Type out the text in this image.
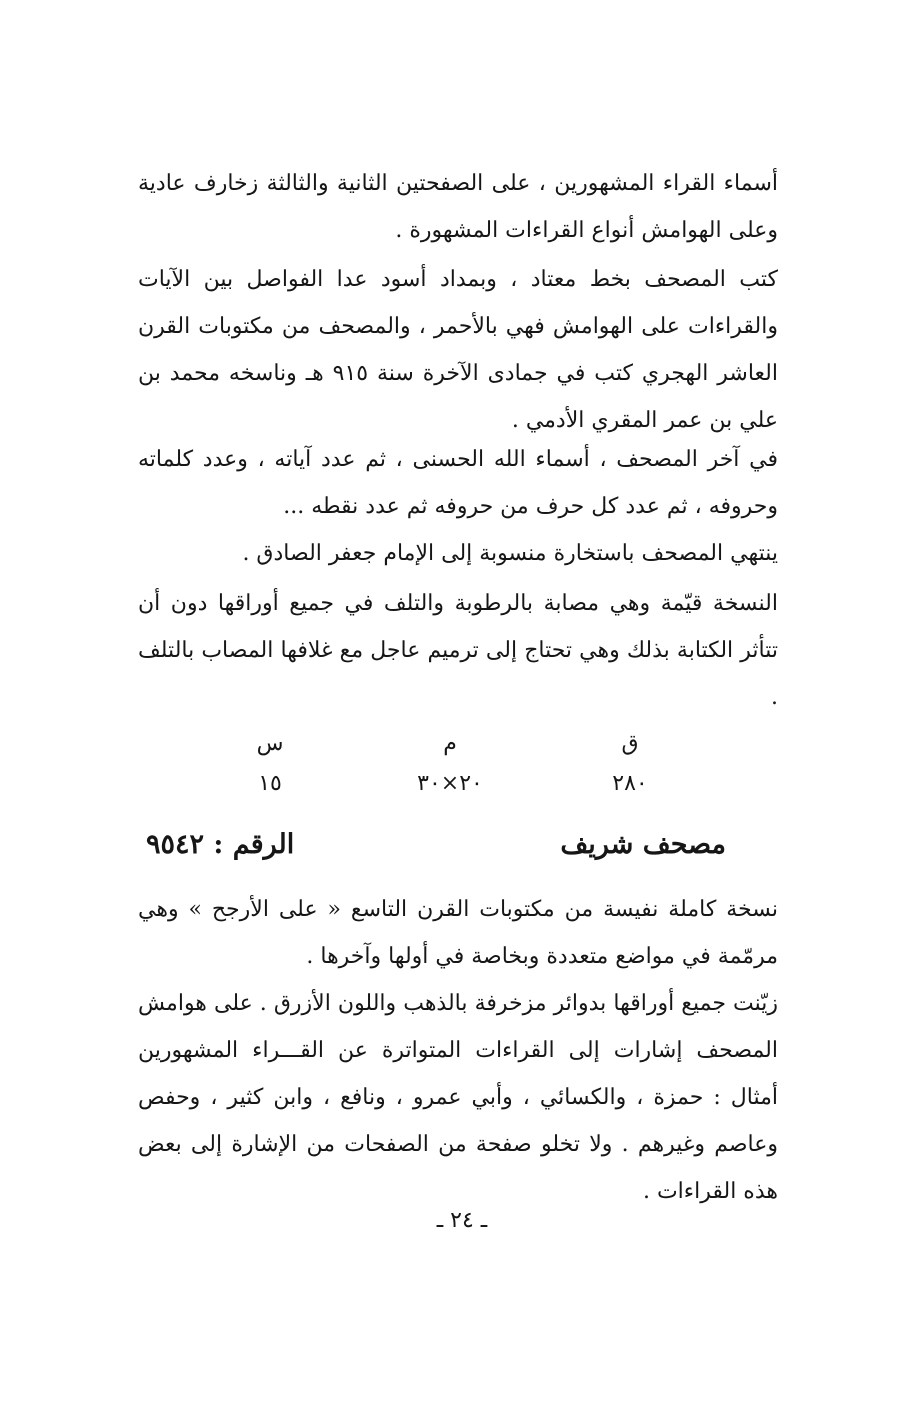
أسماء القراء المشهورين ، على الصفحتين الثانية والثالثة زخارف عادية وعلى الهوامش أنواع القراءات المشهورة .

كتب المصحف بخط معتاد ، وبمداد أسود عدا الفواصل بين الآيات والقراءات على الهوامش فهي بالأحمر ، والمصحف من مكتوبات القرن العاشر الهجري كتب في جمادى الآخرة سنة ٩١٥ هـ وناسخه محمد بن علي بن عمر المقري الأدمي .

في آخر المصحف ، أسماء الله الحسنى ، ثم عدد آياته ، وعدد كلماته وحروفه ، ثم عدد كل حرف من حروفه ثم عدد نقطه ...

ينتهي المصحف باستخارة منسوبة إلى الإمام جعفر الصادق .

النسخة قيّمة وهي مصابة بالرطوبة والتلف في جميع أوراقها دون أن تتأثر الكتابة بذلك وهي تحتاج إلى ترميم عاجل مع غلافها المصاب بالتلف .

ق
٢٨٠
م
٢٠×٣٠
س
١٥
مصحف شريف
الرقم : ٩٥٤٢

نسخة كاملة نفيسة من مكتوبات القرن التاسع « على الأرجح » وهي مرمّمة في مواضع متعددة وبخاصة في أولها وآخرها .

زيّنت جميع أوراقها بدوائر مزخرفة بالذهب واللون الأزرق . على هوامش المصحف إشارات إلى القراءات المتواترة عن القـــراء المشهورين أمثال : حمزة ، والكسائي ، وأبي عمرو ، ونافع ، وابن كثير ، وحفص وعاصم وغيرهم . ولا تخلو صفحة من الصفحات من الإشارة إلى بعض هذه القراءات .

ـ ٢٤ ـ
